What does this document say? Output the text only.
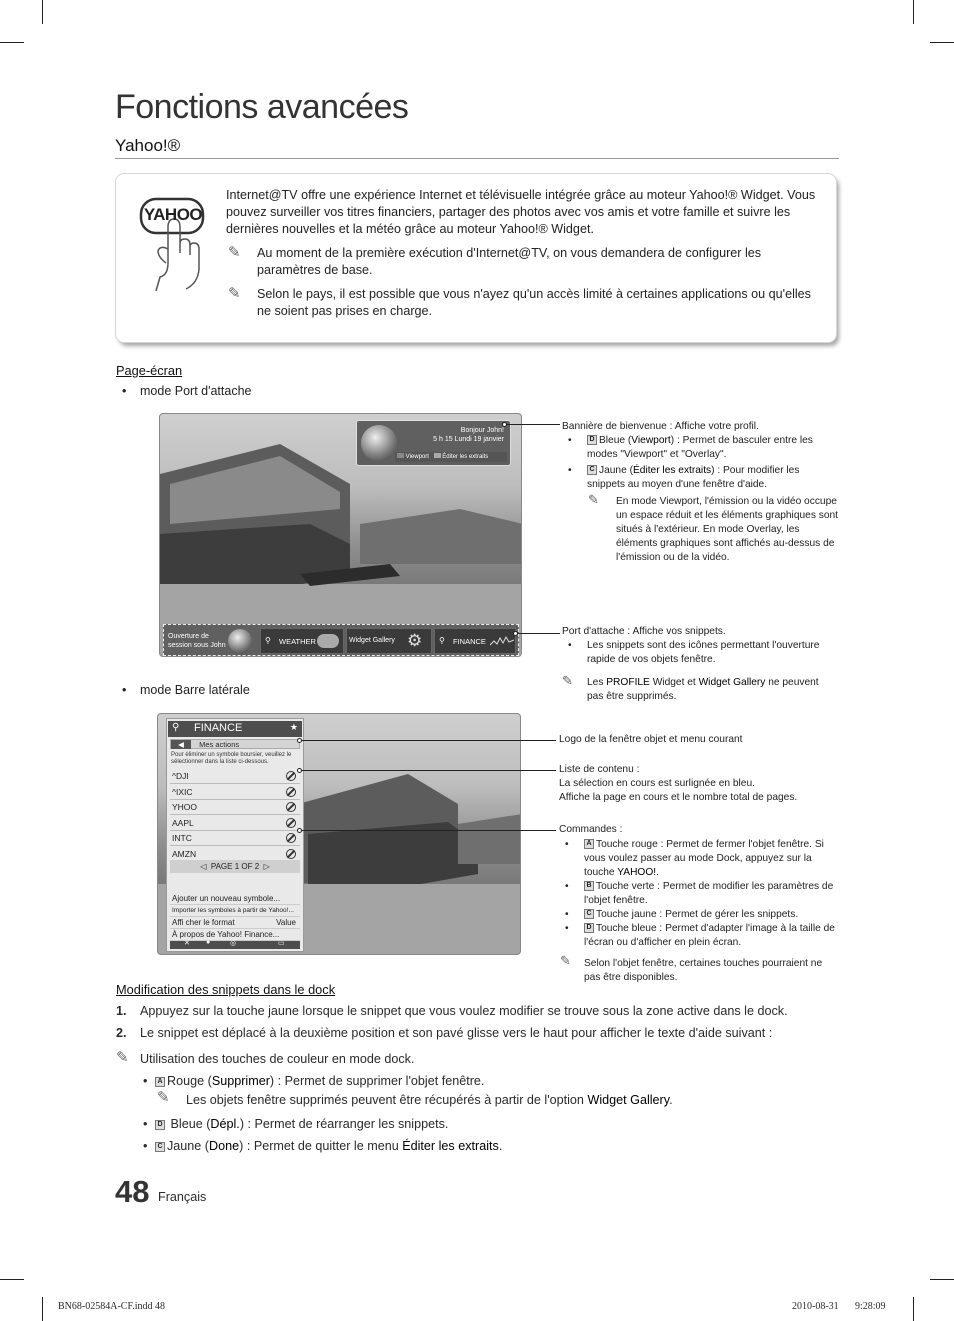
Fonctions avancées
Yahoo!®
YAHOO
Internet@TV offre une expérience Internet et télévisuelle intégrée grâce au moteur Yahoo!® Widget. Vous pouvez surveiller vos titres financiers, partager des photos avec vos amis et votre famille et suivre les dernières nouvelles et la météo grâce au moteur Yahoo!® Widget.
✎ Au moment de la première exécution d'Internet@TV, on vous demandera de configurer les paramètres de base.
✎ Selon le pays, il est possible que vous n'ayez qu'un accès limité à certaines applications ou qu'elles ne soient pas prises en charge.
Page-écran
• mode Port d'attache
Bonjour John!
5 h 15 Lundi 19 janvier
Viewport Éditer les extraits
Ouverture de session sous John
⚲ WEATHER	Widget Gallery ⚙ ⚲ FINANCE
Bannière de bienvenue : Affiche votre profil.
•	D Bleue (Viewport) : Permet de basculer entre les modes "Viewport" et "Overlay".
•	C Jaune (Éditer les extraits) : Pour modifier les snippets au moyen d'une fenêtre d'aide.
✎ En mode Viewport, l'émission ou la vidéo occupe un espace réduit et les éléments graphiques sont situés à l'extérieur. En mode Overlay, les éléments graphiques sont affichés au-dessus de l'émission ou de la vidéo.
Port d'attache : Affiche vos snippets.
• Les snippets sont des icônes permettant l'ouverture rapide de vos objets fenêtre.
✎ Les PROFILE Widget et Widget Gallery ne peuvent pas être supprimés.
• mode Barre latérale
⚲ FINANCE	★
◀ Mes actions
Pour éliminer un symbole boursier, veuillez le sélectionner dans la liste ci-dessous.
^DJI
^IXIC
YHOO
AAPL
INTC
AMZN
◁ PAGE 1 OF 2 ▷
Ajouter un nouveau symbole...
Importer les symboles à partir de Yahoo!...
Affi cher le format	Value
À propos de Yahoo! Finance...
✕ ●	◎	▭
Logo de la fenêtre objet et menu courant
Liste de contenu :
La sélection en cours est surlignée en bleu.
Affiche la page en cours et le nombre total de pages.
Commandes :
•	A Touche rouge : Permet de fermer l'objet fenêtre. Si vous voulez passer au mode Dock, appuyez sur la touche YAHOO!.
•	B Touche verte : Permet de modifier les paramètres de l'objet fenêtre.
•	C Touche jaune : Permet de gérer les snippets.
•	D Touche bleue : Permet d'adapter l'image à la taille de l'écran ou d'afficher en plein écran.
✎ Selon l'objet fenêtre, certaines touches pourraient ne pas être disponibles.
Modification des snippets dans le dock
1. Appuyez sur la touche jaune lorsque le snippet que vous voulez modifier se trouve sous la zone active dans le dock.
2. Le snippet est déplacé à la deuxième position et son pavé glisse vers le haut pour afficher le texte d'aide suivant :
✎ Utilisation des touches de couleur en mode dock.
•	A Rouge (Supprimer) : Permet de supprimer l'objet fenêtre.
✎ Les objets fenêtre supprimés peuvent être récupérés à partir de l'option Widget Gallery.
•	D Bleue (Dépl.) : Permet de réarranger les snippets.
•	C Jaune (Done) : Permet de quitter le menu Éditer les extraits.
48 Français
BN68-02584A-CF.indd 48	2010-08-31 9:28:09
